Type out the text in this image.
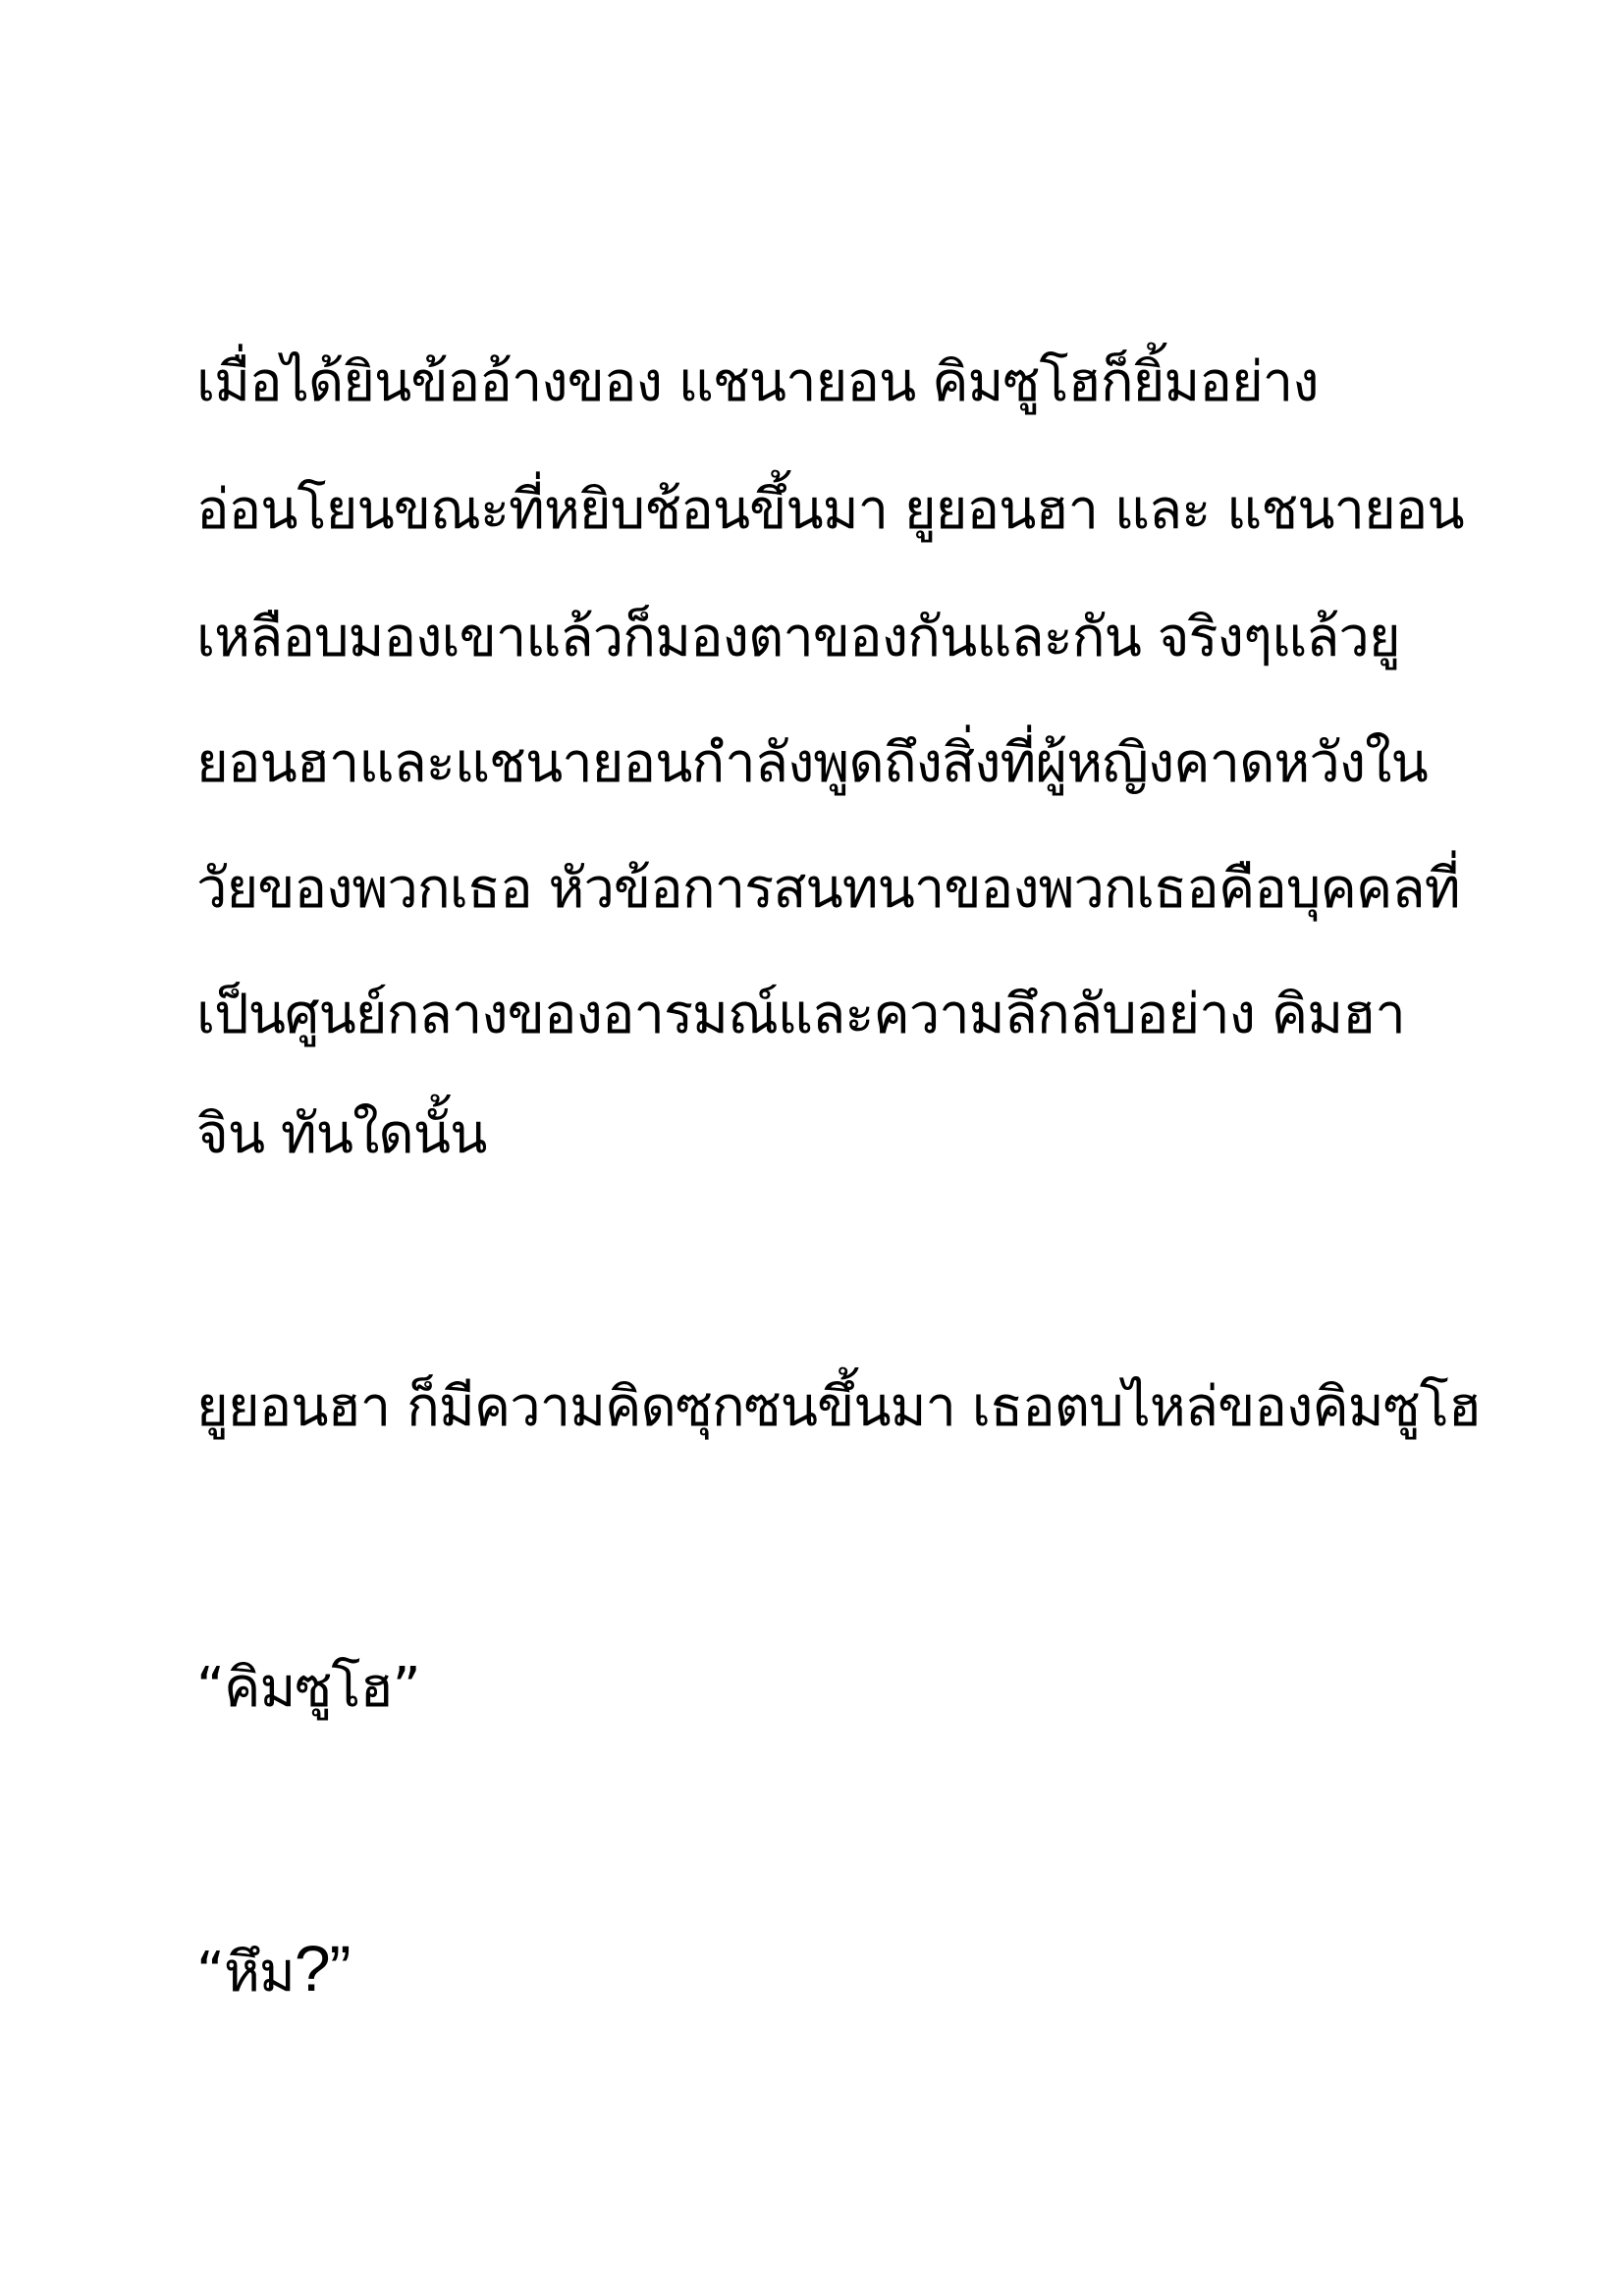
เมื่อได้ยินข้ออ้างของ แชนายอน คิมซูโฮก็ยิ้มอย่าง
อ่อนโยนขณะที่หยิบช้อนขึ้นมา ยูยอนฮา และ แชนายอน
เหลือบมองเขาแล้วก็มองตาของกันและกัน จริงๆแล้วยู
ยอนฮาและแชนายอนกำลังพูดถึงสิ่งที่ผู้หญิงคาดหวังใน
วัยของพวกเธอ หัวข้อการสนทนาของพวกเธอคือบุคคลที่
เป็นศูนย์กลางของอารมณ์และความลึกลับอย่าง คิมฮา
จิน ทันใดนั้น
ยูยอนฮา ก็มีความคิดซุกซนขึ้นมา เธอตบไหล่ของคิมซูโฮ
“คิมซูโฮ”
“หึม?”
